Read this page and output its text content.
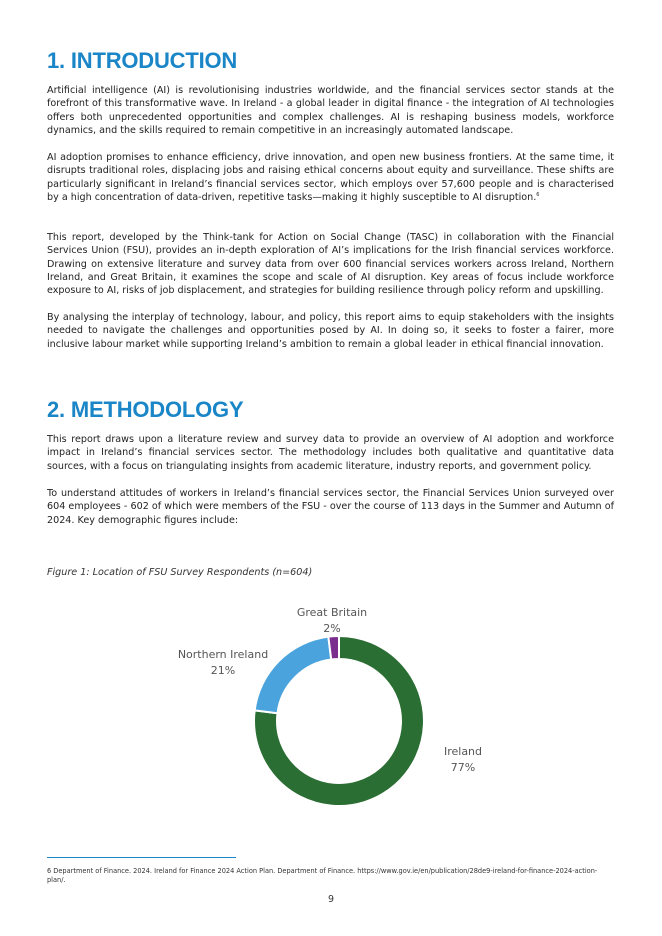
1. INTRODUCTION

Artificial intelligence (AI) is revolutionising industries worldwide, and the financial services sector stands at the forefront of this transformative wave. In Ireland - a global leader in digital finance - the integration of AI technologies offers both unprecedented opportunities and complex challenges. AI is reshaping business models, workforce dynamics, and the skills required to remain competitive in an increasingly automated landscape.

AI adoption promises to enhance efficiency, drive innovation, and open new business frontiers. At the same time, it disrupts traditional roles, displacing jobs and raising ethical concerns about equity and surveillance. These shifts are particularly significant in Ireland’s financial services sector, which employs over 57,600 people and is characterised by a high concentration of data-driven, repetitive tasks—making it highly susceptible to AI disruption.$^6$

This report, developed by the Think-tank for Action on Social Change (TASC) in collaboration with the Financial Services Union (FSU), provides an in-depth exploration of AI’s implications for the Irish financial services workforce. Drawing on extensive literature and survey data from over 600 financial services workers across Ireland, Northern Ireland, and Great Britain, it examines the scope and scale of AI disruption. Key areas of focus include workforce exposure to AI, risks of job displacement, and strategies for building resilience through policy reform and upskilling.

By analysing the interplay of technology, labour, and policy, this report aims to equip stakeholders with the insights needed to navigate the challenges and opportunities posed by AI. In doing so, it seeks to foster a fairer, more inclusive labour market while supporting Ireland’s ambition to remain a global leader in ethical financial innovation.

2. METHODOLOGY

This report draws upon a literature review and survey data to provide an overview of AI adoption and workforce impact in Ireland’s financial services sector. The methodology includes both qualitative and quantitative data sources, with a focus on triangulating insights from academic literature, industry reports, and government policy.

To understand attitudes of workers in Ireland’s financial services sector, the Financial Services Union surveyed over 604 employees - 602 of which were members of the FSU - over the course of 113 days in the Summer and Autumn of 2024. Key demographic figures include:

Figure 1: Location of FSU Survey Respondents (n=604)
Ireland
77%
Northern Ireland
21%
Great Britain
2%
6 Department of Finance. 2024. Ireland for Finance 2024 Action Plan. Department of Finance. https://www.gov.ie/en/publication/28de9-ireland-for-finance-2024-action-plan/.
9
